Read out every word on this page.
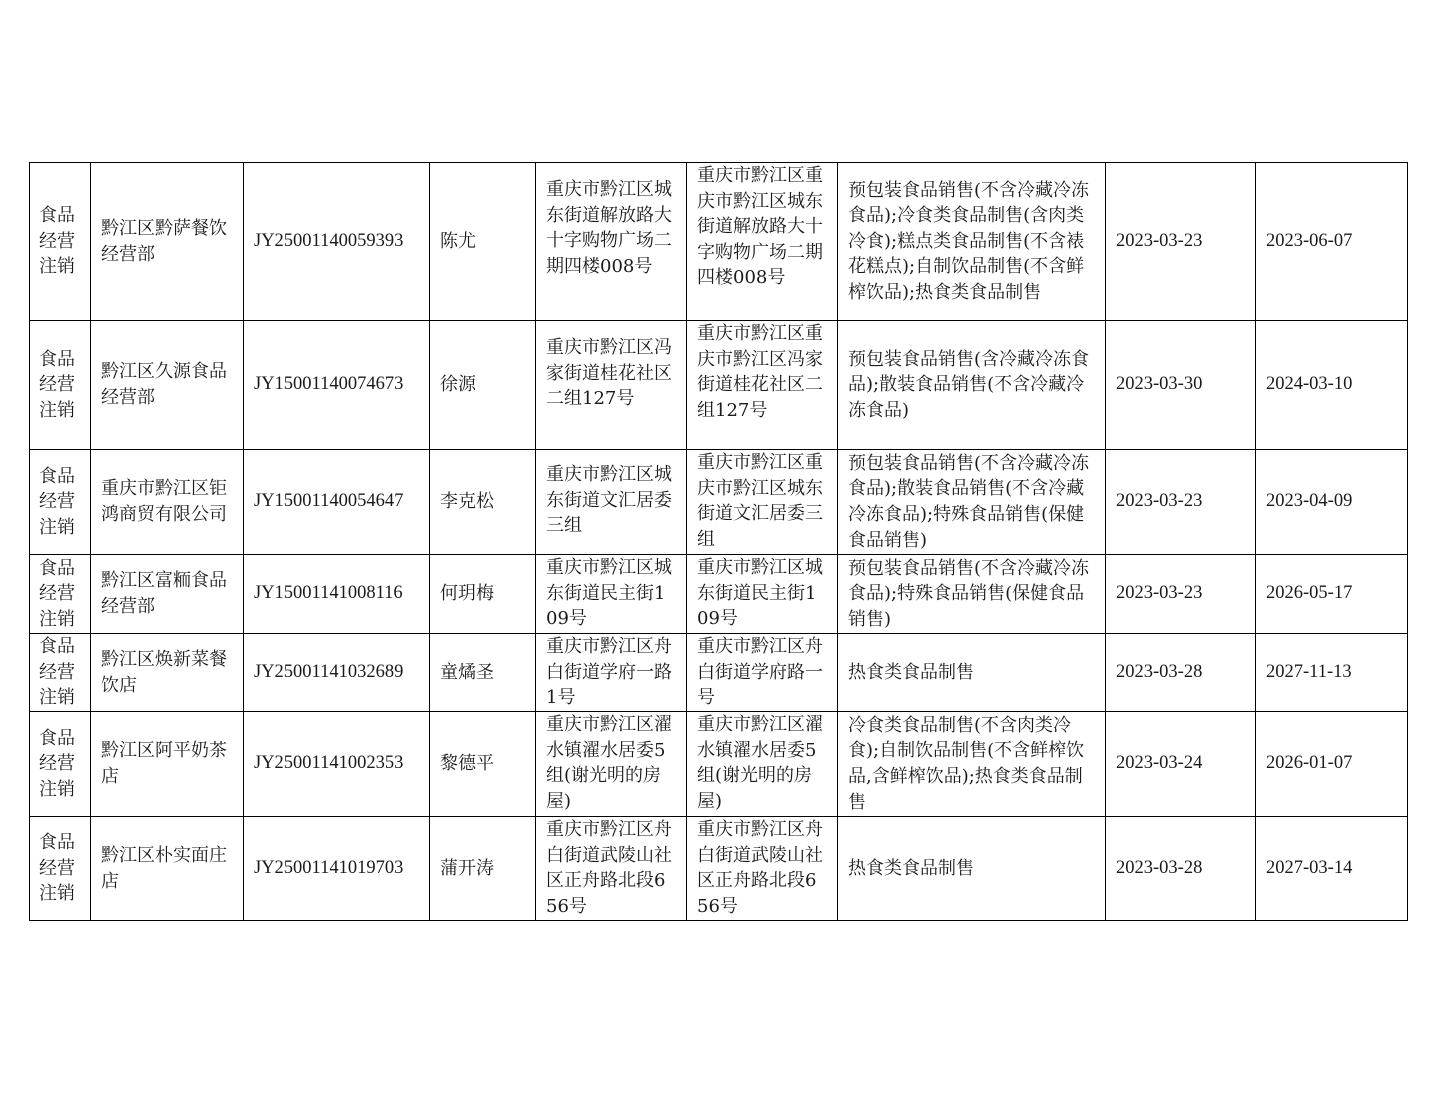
食品经营注销	黔江区黔萨餐饮经营部	JY25001140059393	陈尤	重庆市黔江区城东街道解放路大十字购物广场二期四楼008号	重庆市黔江区重庆市黔江区城东街道解放路大十字购物广场二期四楼008号	预包装食品销售(不含冷藏冷冻食品);冷食类食品制售(含肉类冷食);糕点类食品制售(不含裱花糕点);自制饮品制售(不含鲜榨饮品);热食类食品制售	2023-03-23	2023-06-07
食品经营注销	黔江区久源食品经营部	JY15001140074673	徐源	重庆市黔江区冯家街道桂花社区二组127号	重庆市黔江区重庆市黔江区冯家街道桂花社区二组127号	预包装食品销售(含冷藏冷冻食品);散装食品销售(不含冷藏冷冻食品)	2023-03-30	2024-03-10
食品经营注销	重庆市黔江区钜鸿商贸有限公司	JY15001140054647	李克松	重庆市黔江区城东街道文汇居委三组	重庆市黔江区重庆市黔江区城东街道文汇居委三组	预包装食品销售(不含冷藏冷冻食品);散装食品销售(不含冷藏冷冻食品);特殊食品销售(保健食品销售)	2023-03-23	2023-04-09
食品经营注销	黔江区富粫食品经营部	JY15001141008116	何玥梅	重庆市黔江区城东街道民主街109号	重庆市黔江区城东街道民主街109号	预包装食品销售(不含冷藏冷冻食品);特殊食品销售(保健食品销售)	2023-03-23	2026-05-17
食品经营注销	黔江区焕新菜餐饮店	JY25001141032689	童燏圣	重庆市黔江区舟白街道学府一路1号	重庆市黔江区舟白街道学府路一号	热食类食品制售	2023-03-28	2027-11-13
食品经营注销	黔江区阿平奶茶店	JY25001141002353	黎德平	重庆市黔江区濯水镇濯水居委5组(谢光明的房屋)	重庆市黔江区濯水镇濯水居委5组(谢光明的房屋)	冷食类食品制售(不含肉类冷食);自制饮品制售(不含鲜榨饮品,含鲜榨饮品);热食类食品制售	2023-03-24	2026-01-07
食品经营注销	黔江区朴实面庄店	JY25001141019703	蒲开涛	重庆市黔江区舟白街道武陵山社区正舟路北段656号	重庆市黔江区舟白街道武陵山社区正舟路北段656号	热食类食品制售	2023-03-28	2027-03-14
